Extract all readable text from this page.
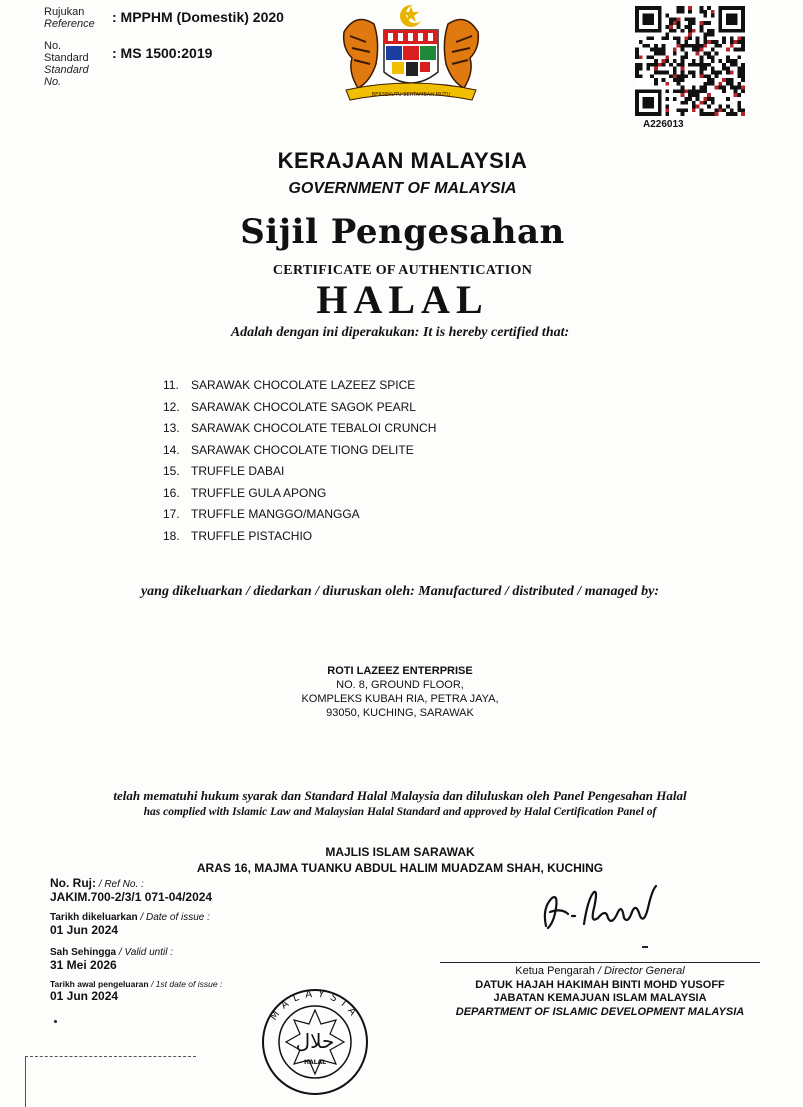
Rujukan
Reference : MPPHM (Domestik) 2020
No.
Standard
Standard
No.
: MS 1500:2019
BERSEKUTU BERTAMBAH MUTU
A226013
KERAJAAN MALAYSIA
GOVERNMENT OF MALAYSIA
Sijil Pengesahan
CERTIFICATE OF AUTHENTICATION
HALAL
Adalah dengan ini diperakukan: It is hereby certified that:
11.	SARAWAK CHOCOLATE LAZEEZ SPICE
12. SARAWAK CHOCOLATE SAGOK PEARL
13. SARAWAK CHOCOLATE TEBALOI CRUNCH
14. SARAWAK CHOCOLATE TIONG DELITE
15. TRUFFLE DABAI
16. TRUFFLE GULA APONG
17. TRUFFLE MANGGO/MANGGA
18. TRUFFLE PISTACHIO
yang dikeluarkan / diedarkan / diuruskan oleh: Manufactured / distributed / managed by:
ROTI LAZEEZ ENTERPRISE
NO. 8, GROUND FLOOR,
KOMPLEKS KUBAH RIA, PETRA JAYA,
93050, KUCHING, SARAWAK
telah mematuhi hukum syarak dan Standard Halal Malaysia dan diluluskan oleh Panel Pengesahan Halal
has complied with Islamic Law and Malaysian Halal Standard and approved by Halal Certification Panel of
MAJLIS ISLAM SARAWAK
ARAS 16, MAJMA TUANKU ABDUL HALIM MUADZAM SHAH, KUCHING
No. Ruj: / Ref No. :
JAKIM.700-2/3/1 071-04/2024
Tarikh dikeluarkan / Date of issue :
01 Jun 2024
Sah Sehingga / Valid until :
31 Mei 2026
Tarikh awal pengeluaran / 1st date of issue :
01 Jun 2024
Ketua Pengarah / Director General
DATUK HAJAH HAKIMAH BINTI MOHD YUSOFF
JABATAN KEMAJUAN ISLAM MALAYSIA
DEPARTMENT OF ISLAMIC DEVELOPMENT MALAYSIA
MALAYSIA
حلال
HALAL
